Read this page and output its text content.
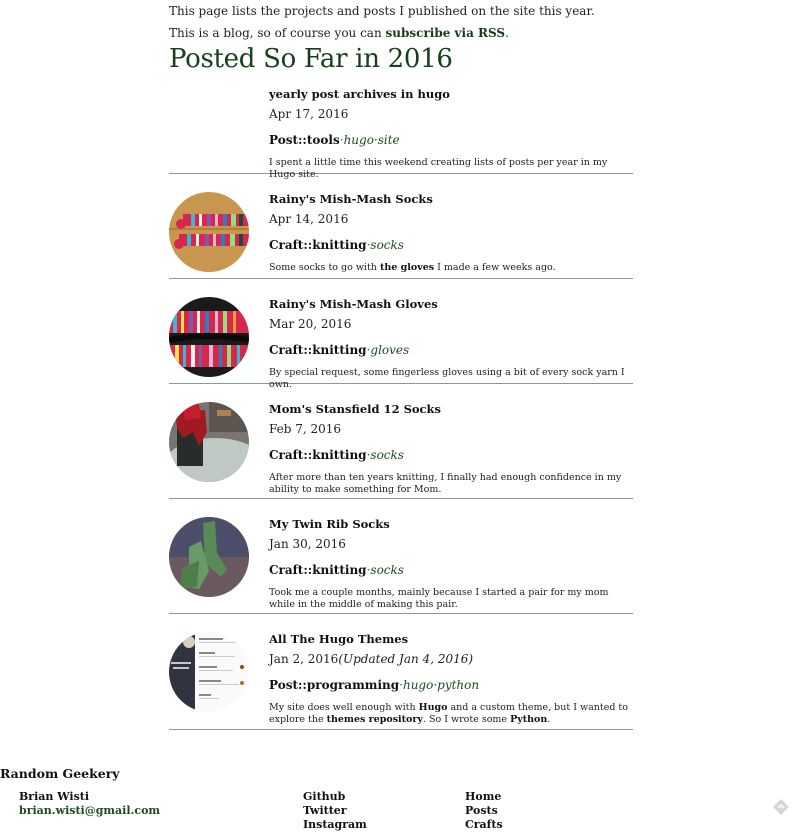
This page lists the projects and posts I published on the site this year.

This is a blog, so of course you can subscribe via RSS.

Posted So Far in 2016
yearly post archives in hugo
Apr 17, 2016
Post::tools·hugo·site
I spent a little time this weekend creating lists of posts per year in my Hugo site.
Rainy's Mish-Mash Socks
Apr 14, 2016
Craft::knitting·socks
Some socks to go with the gloves I made a few weeks ago.
Rainy's Mish-Mash Gloves
Mar 20, 2016
Craft::knitting·gloves
By special request, some fingerless gloves using a bit of every sock yarn I own.
Mom's Stansfield 12 Socks
Feb 7, 2016
Craft::knitting·socks
After more than ten years knitting, I finally had enough confidence in my ability to make something for Mom.
My Twin Rib Socks
Jan 30, 2016
Craft::knitting·socks
Took me a couple months, mainly because I started a pair for my mom while in the middle of making this pair.
All The Hugo Themes
Jan 2, 2016(Updated Jan 4, 2016)
Post::programming·hugo·python
My site does well enough with Hugo and a custom theme, but I wanted to explore the themes repository. So I wrote some Python.
Random Geekery
Brian Wisti
brian.wisti@gmail.com
Github
Twitter
Instagram
Home
Posts
Crafts
